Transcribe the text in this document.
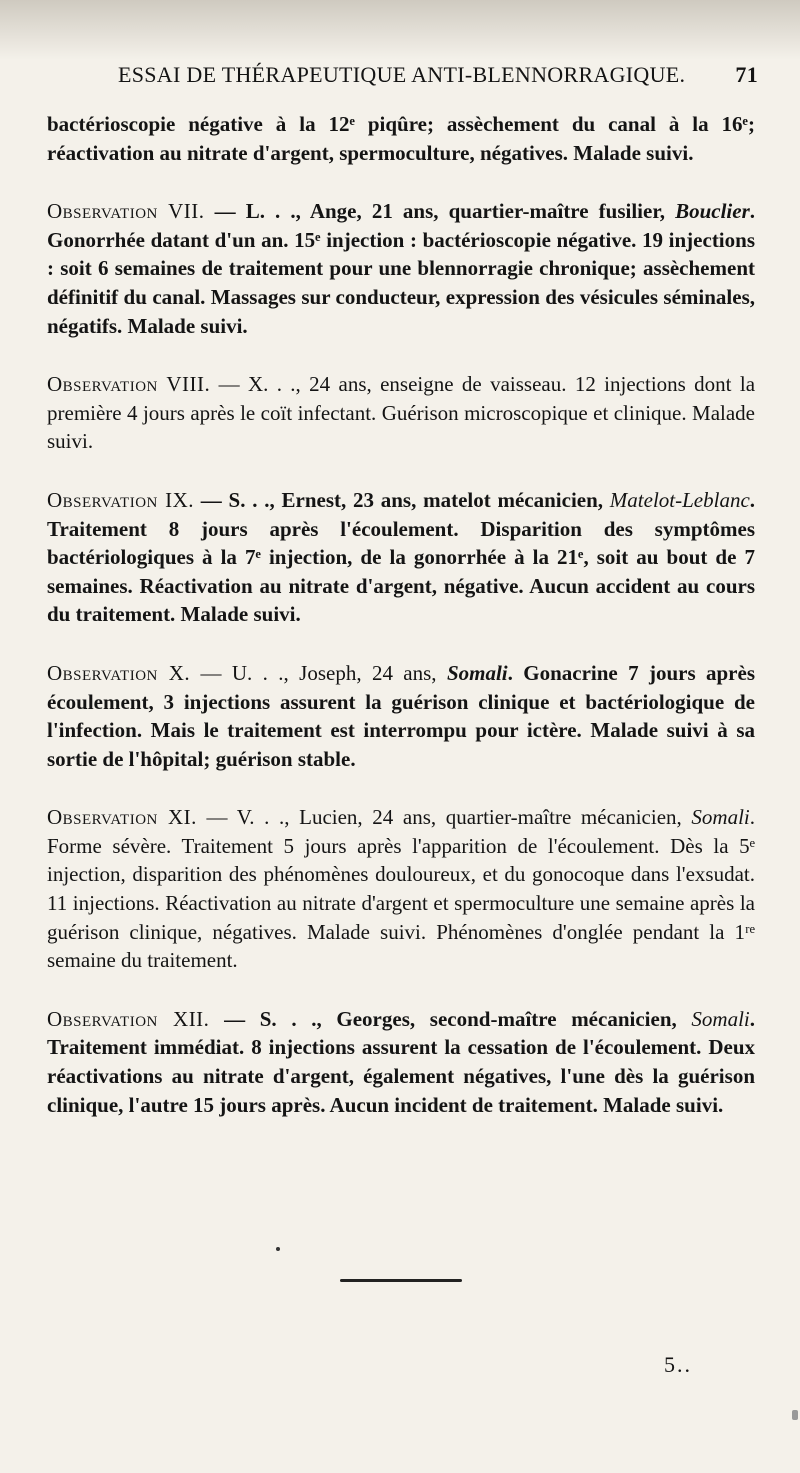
ESSAI DE THÉRAPEUTIQUE ANTI-BLENNORRAGIQUE. 71

bactérioscopie négative à la 12ᵉ piqûre; assèchement du canal à la 16ᵉ; réactivation au nitrate d'argent, spermoculture, négatives. Malade suivi.

Observation VII. — L. . ., Ange, 21 ans, quartier-maître fusilier, Bouclier. Gonorrhée datant d'un an. 15ᵉ injection : bactérioscopie négative. 19 injections : soit 6 semaines de traitement pour une blennorragie chronique; assèchement définitif du canal. Massages sur conducteur, expression des vésicules séminales, négatifs. Malade suivi.

Observation VIII. — X. . ., 24 ans, enseigne de vaisseau. 12 injections dont la première 4 jours après le coït infectant. Guérison microscopique et clinique. Malade suivi.

Observation IX. — S. . ., Ernest, 23 ans, matelot mécanicien, Matelot-Leblanc. Traitement 8 jours après l'écoulement. Disparition des symptômes bactériologiques à la 7ᵉ injection, de la gonorrhée à la 21ᵉ, soit au bout de 7 semaines. Réactivation au nitrate d'argent, négative. Aucun accident au cours du traitement. Malade suivi.

Observation X. — U. . ., Joseph, 24 ans, Somali. Gonacrine 7 jours après écoulement, 3 injections assurent la guérison clinique et bactériologique de l'infection. Mais le traitement est interrompu pour ictère. Malade suivi à sa sortie de l'hôpital; guérison stable.

Observation XI. — V. . ., Lucien, 24 ans, quartier-maître mécanicien, Somali. Forme sévère. Traitement 5 jours après l'apparition de l'écoulement. Dès la 5ᵉ injection, disparition des phénomènes douloureux, et du gonocoque dans l'exsudat. 11 injections. Réactivation au nitrate d'argent et spermoculture une semaine après la guérison clinique, négatives. Malade suivi. Phénomènes d'onglée pendant la 1ʳᵉ semaine du traitement.

Observation XII. — S. . ., Georges, second-maître mécanicien, Somali. Traitement immédiat. 8 injections assurent la cessation de l'écoulement. Deux réactivations au nitrate d'argent, également négatives, l'une dès la guérison clinique, l'autre 15 jours après. Aucun incident de traitement. Malade suivi.

5..
